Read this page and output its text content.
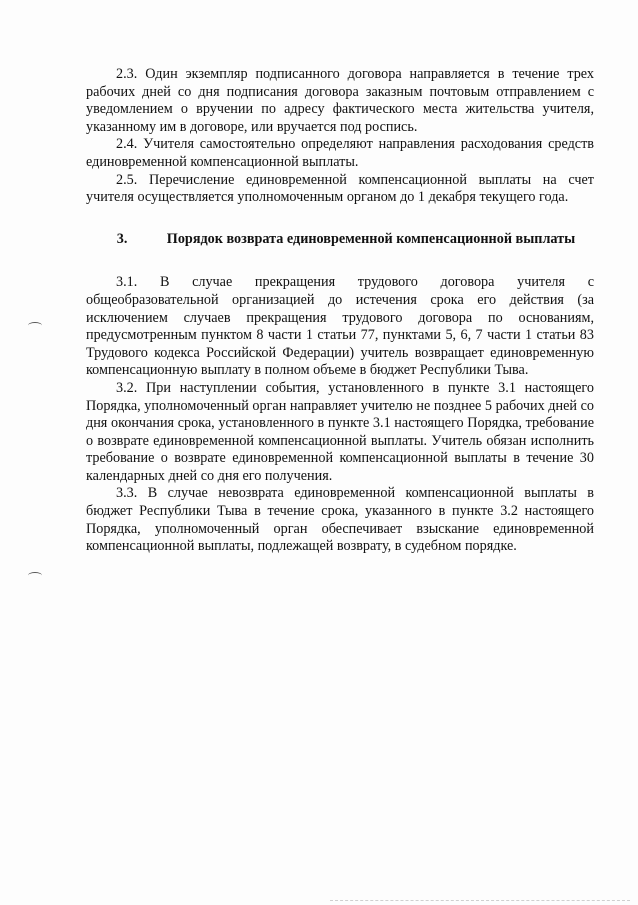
2.3. Один экземпляр подписанного договора направляется в течение трех рабочих дней со дня подписания договора заказным почтовым отправлением с уведомлением о вручении по адресу фактического места жительства учителя, указанному им в договоре, или вручается под роспись.

2.4. Учителя самостоятельно определяют направления расходования средств единовременной компенсационной выплаты.

2.5. Перечисление единовременной компенсационной выплаты на счет учителя осуществляется уполномоченным органом до 1 декабря текущего года.

3.	Порядок возврата единовременной компенсационной выплаты

3.1. В случае прекращения трудового договора учителя с общеобразовательной организацией до истечения срока его действия (за исключением случаев прекращения трудового договора по основаниям, предусмотренным пунктом 8 части 1 статьи 77, пунктами 5, 6, 7 части 1 статьи 83 Трудового кодекса Российской Федерации) учитель возвращает единовременную компенсационную выплату в полном объеме в бюджет Республики Тыва.

3.2. При наступлении события, установленного в пункте 3.1 настоящего Порядка, уполномоченный орган направляет учителю не позднее 5 рабочих дней со дня окончания срока, установленного в пункте 3.1 настоящего Порядка, требование о возврате единовременной компенсационной выплаты. Учитель обязан исполнить требование о возврате единовременной компенсационной выплаты в течение 30 календарных дней со дня его получения.

3.3. В случае невозврата единовременной компенсационной выплаты в бюджет Республики Тыва в течение срока, указанного в пункте 3.2 настоящего Порядка, уполномоченный орган обеспечивает взыскание единовременной компенсационной выплаты, подлежащей возврату, в судебном порядке.
